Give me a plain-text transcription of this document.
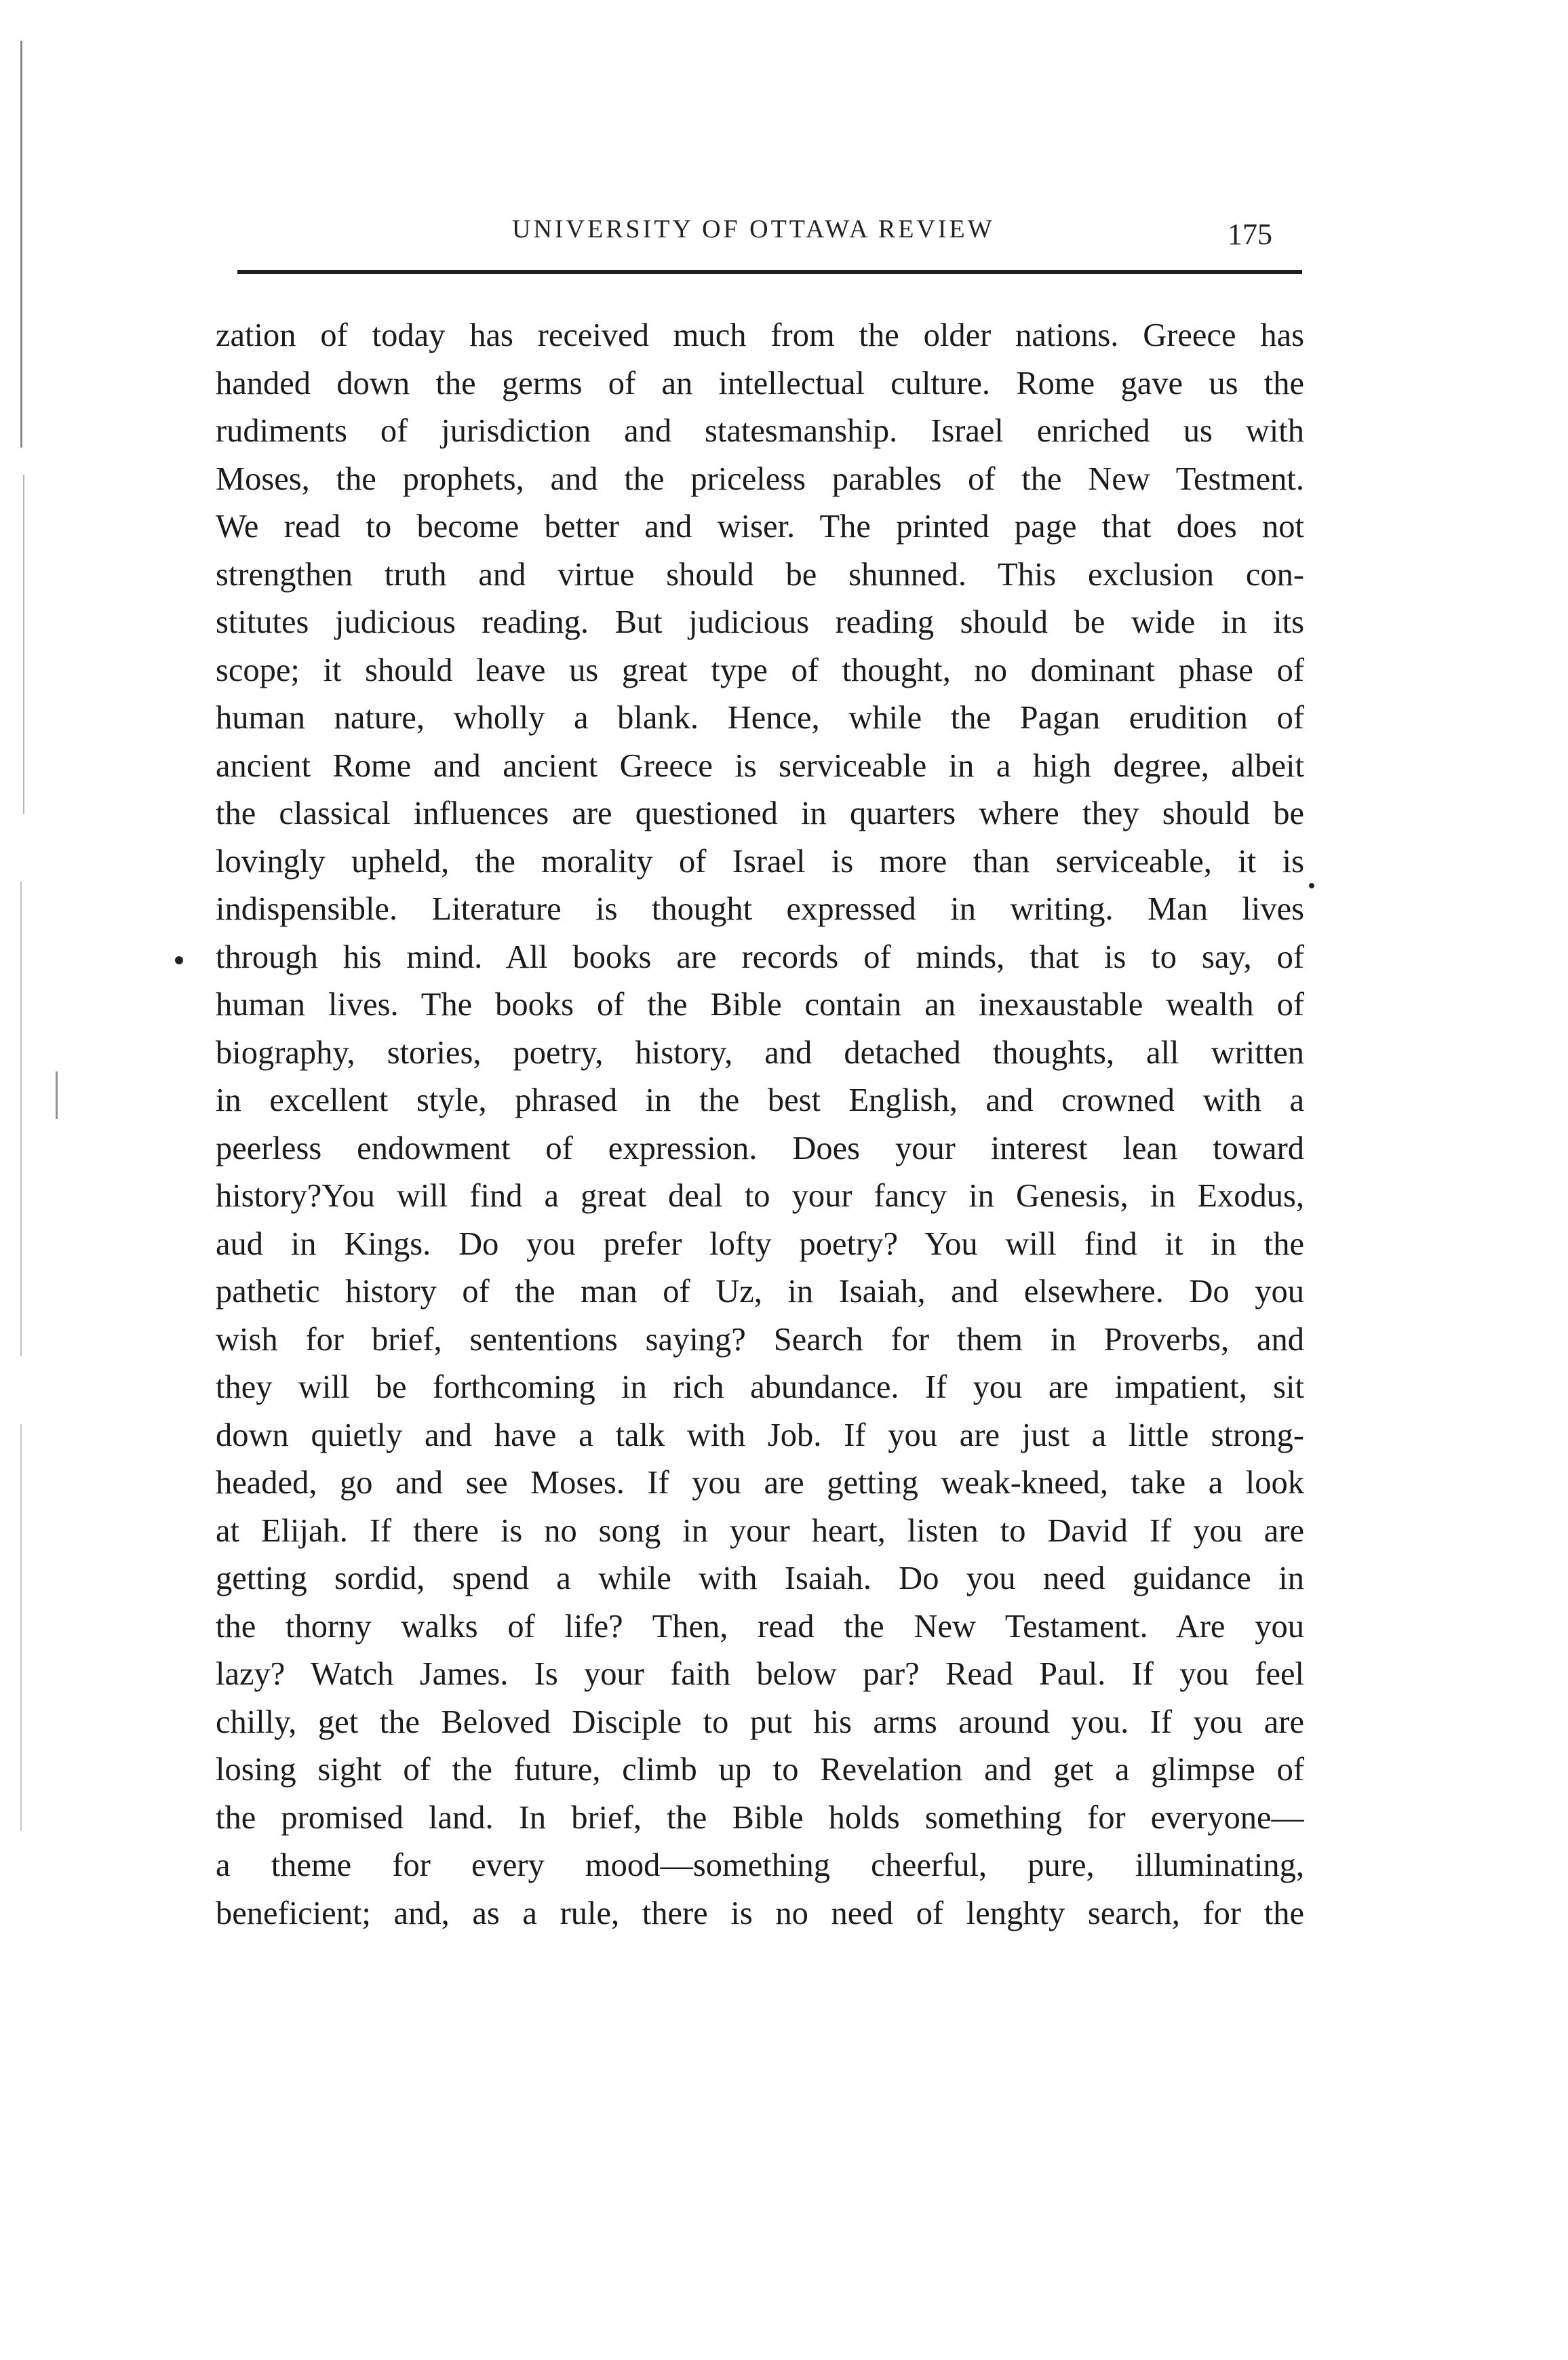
UNIVERSITY OF OTTAWA REVIEW	175
zation of today has received much from the older nations. Greece has
handed down the germs of an intellectual culture. Rome gave us the
rudiments of jurisdiction and statesmanship. Israel enriched us with
Moses, the prophets, and the priceless parables of the New Testment.
We read to become better and wiser. The printed page that does not
strengthen truth and virtue should be shunned. This exclusion con-
stitutes judicious reading. But judicious reading should be wide in its
scope; it should leave us great type of thought, no dominant phase of
human nature, wholly a blank. Hence, while the Pagan erudition of
ancient Rome and ancient Greece is serviceable in a high degree, albeit
the classical influences are questioned in quarters where they should be
lovingly upheld, the morality of Israel is more than serviceable, it is
indispensible. Literature is thought expressed in writing. Man lives
through his mind. All books are records of minds, that is to say, of
human lives. The books of the Bible contain an inexaustable wealth of
biography, stories, poetry, history, and detached thoughts, all written
in excellent style, phrased in the best English, and crowned with a
peerless endowment of expression. Does your interest lean toward
history?You will find a great deal to your fancy in Genesis, in Exodus,
aud in Kings. Do you prefer lofty poetry? You will find it in the
pathetic history of the man of Uz, in Isaiah, and elsewhere. Do you
wish for brief, sententions saying? Search for them in Proverbs, and
they will be forthcoming in rich abundance. If you are impatient, sit
down quietly and have a talk with Job. If you are just a little strong-
headed, go and see Moses. If you are getting weak-kneed, take a look
at Elijah. If there is no song in your heart, listen to David If you are
getting sordid, spend a while with Isaiah. Do you need guidance in
the thorny walks of life? Then, read the New Testament. Are you
lazy? Watch James. Is your faith below par? Read Paul. If you feel
chilly, get the Beloved Disciple to put his arms around you. If you are
losing sight of the future, climb up to Revelation and get a glimpse of
the promised land. In brief, the Bible holds something for everyone—
a theme for every mood—something cheerful, pure, illuminating,
beneficient; and, as a rule, there is no need of lenghty search, for the
